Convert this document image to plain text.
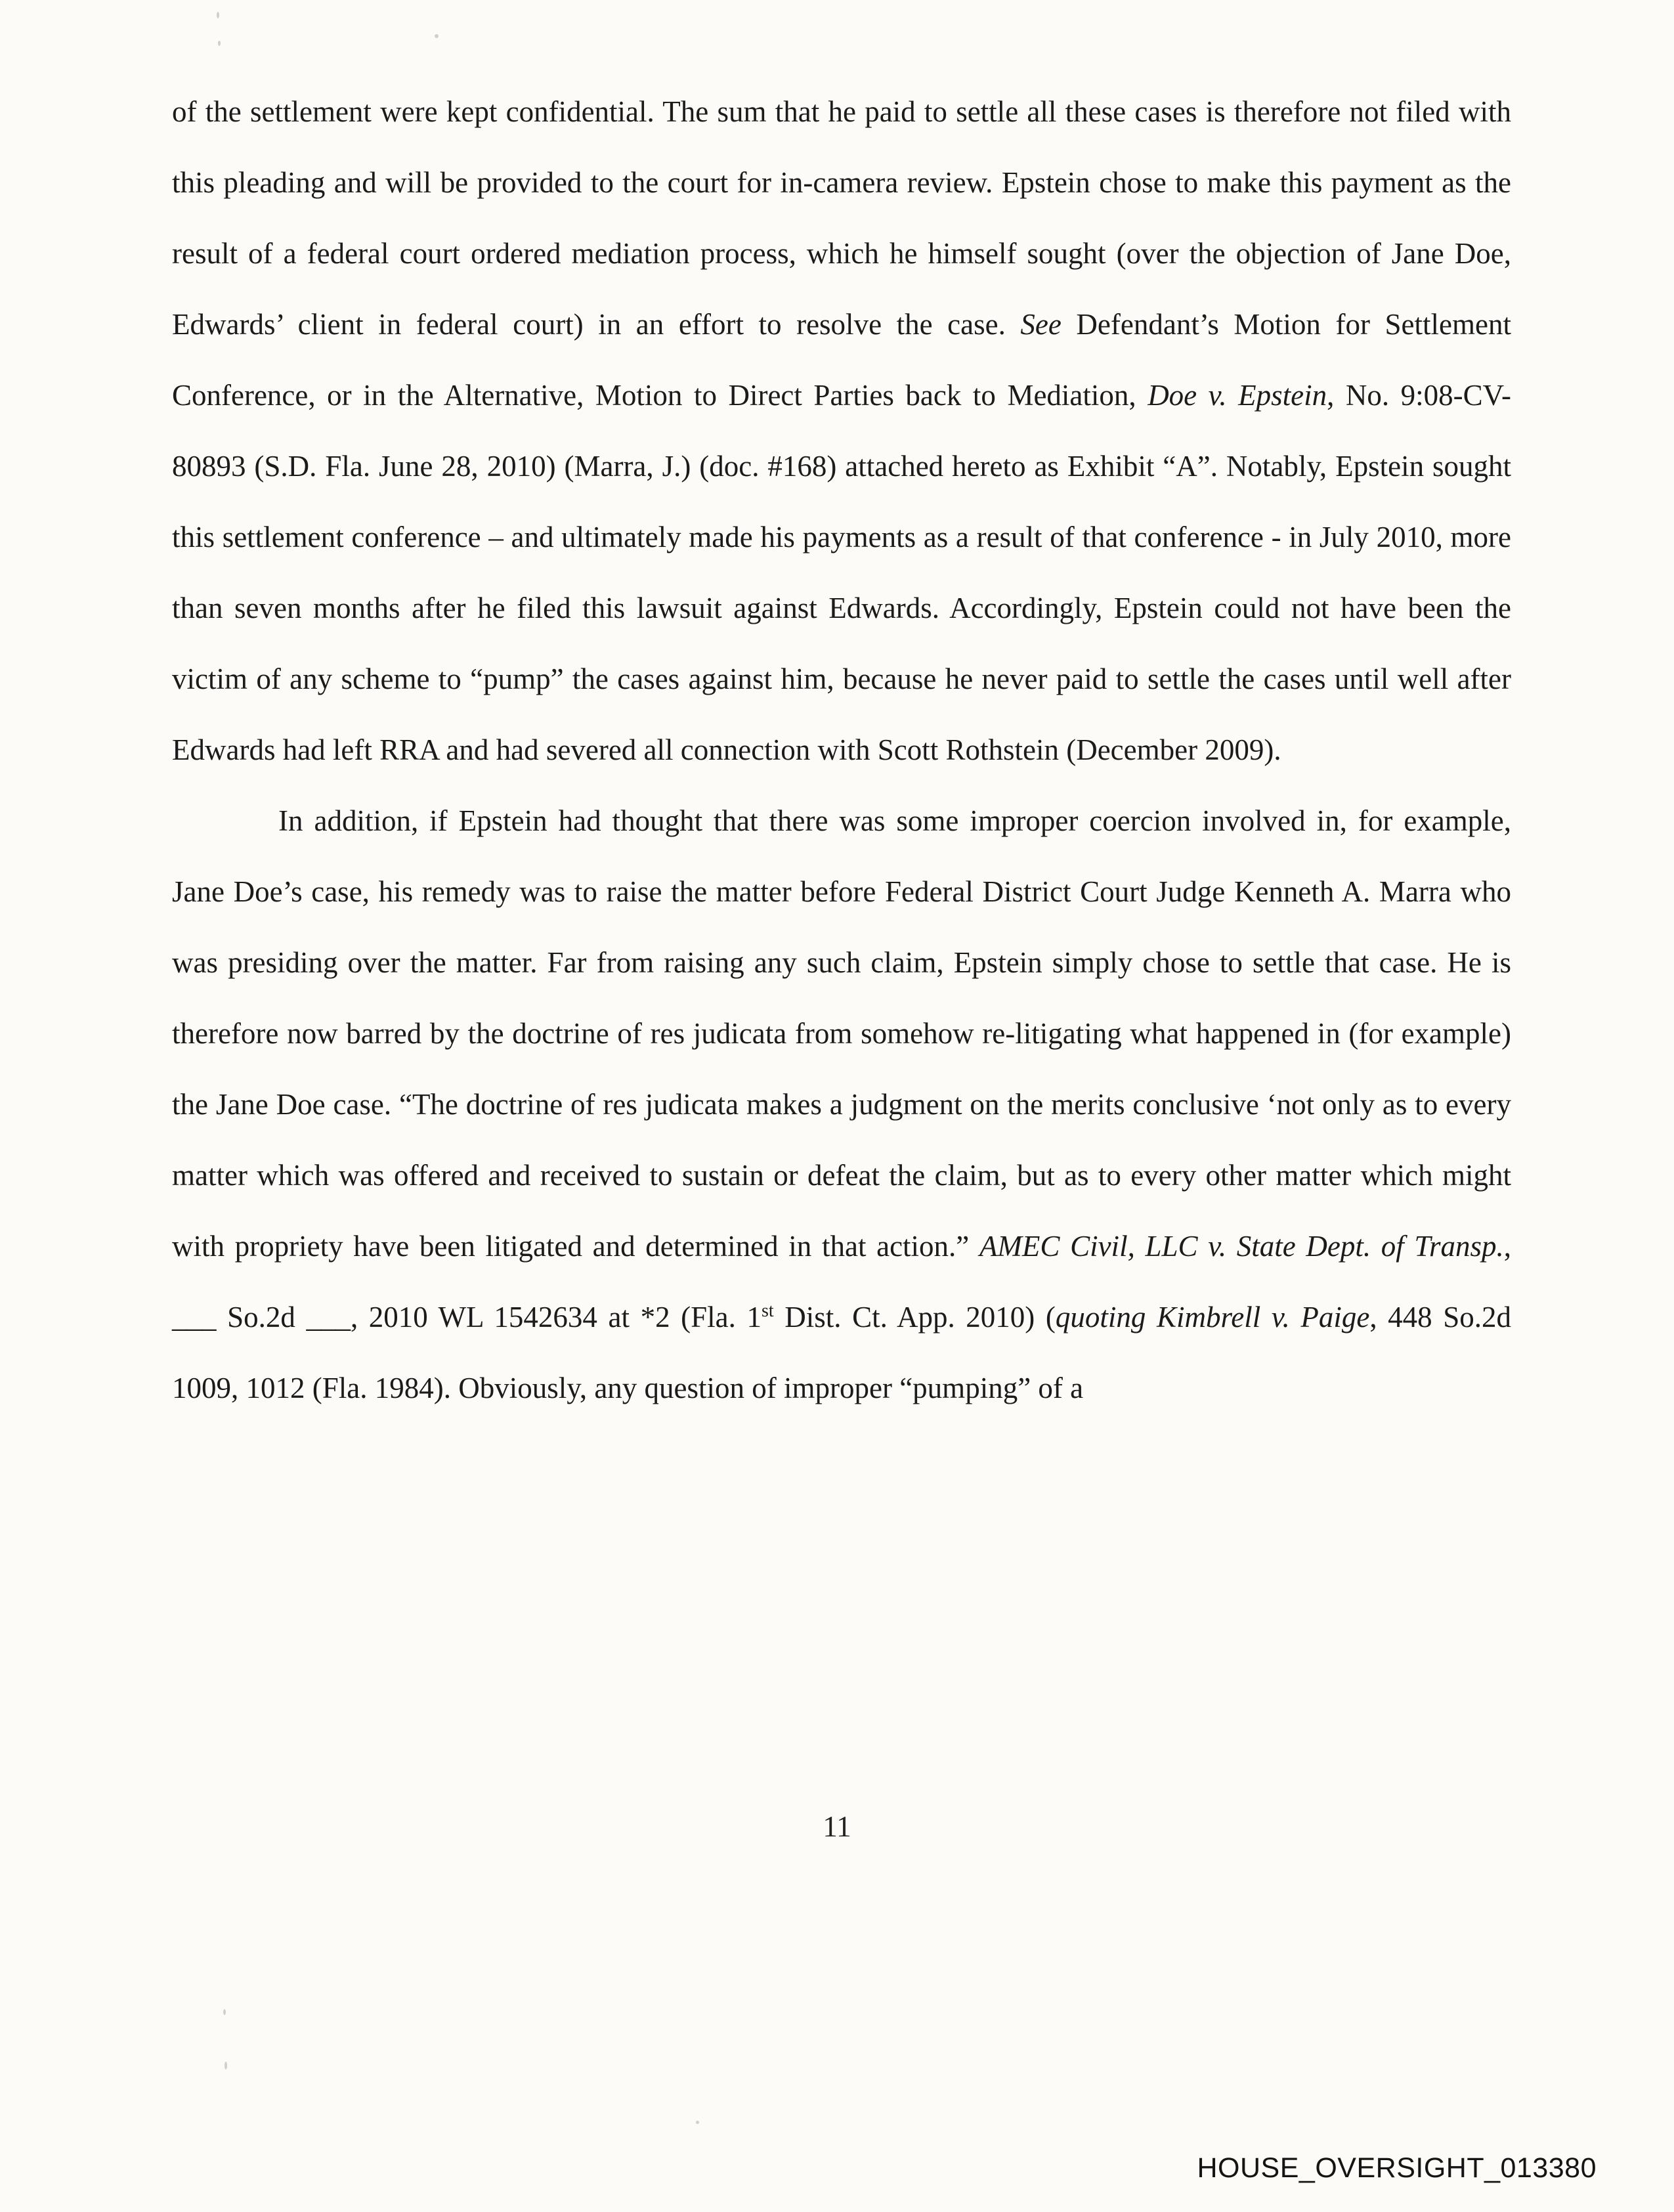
of the settlement were kept confidential. The sum that he paid to settle all these cases is therefore not filed with this pleading and will be provided to the court for in-camera review. Epstein chose to make this payment as the result of a federal court ordered mediation process, which he himself sought (over the objection of Jane Doe, Edwards’ client in federal court) in an effort to resolve the case. See Defendant’s Motion for Settlement Conference, or in the Alternative, Motion to Direct Parties back to Mediation, Doe v. Epstein, No. 9:08-CV-80893 (S.D. Fla. June 28, 2010) (Marra, J.) (doc. #168) attached hereto as Exhibit “A”. Notably, Epstein sought this settlement conference – and ultimately made his payments as a result of that conference - in July 2010, more than seven months after he filed this lawsuit against Edwards. Accordingly, Epstein could not have been the victim of any scheme to “pump” the cases against him, because he never paid to settle the cases until well after Edwards had left RRA and had severed all connection with Scott Rothstein (December 2009).

In addition, if Epstein had thought that there was some improper coercion involved in, for example, Jane Doe’s case, his remedy was to raise the matter before Federal District Court Judge Kenneth A. Marra who was presiding over the matter. Far from raising any such claim, Epstein simply chose to settle that case. He is therefore now barred by the doctrine of res judicata from somehow re-litigating what happened in (for example) the Jane Doe case. “The doctrine of res judicata makes a judgment on the merits conclusive ‘not only as to every matter which was offered and received to sustain or defeat the claim, but as to every other matter which might with propriety have been litigated and determined in that action.” AMEC Civil, LLC v. State Dept. of Transp., ___ So.2d ___, 2010 WL 1542634 at *2 (Fla. 1st Dist. Ct. App. 2010) (quoting Kimbrell v. Paige, 448 So.2d 1009, 1012 (Fla. 1984). Obviously, any question of improper “pumping” of a

11
HOUSE_OVERSIGHT_013380
